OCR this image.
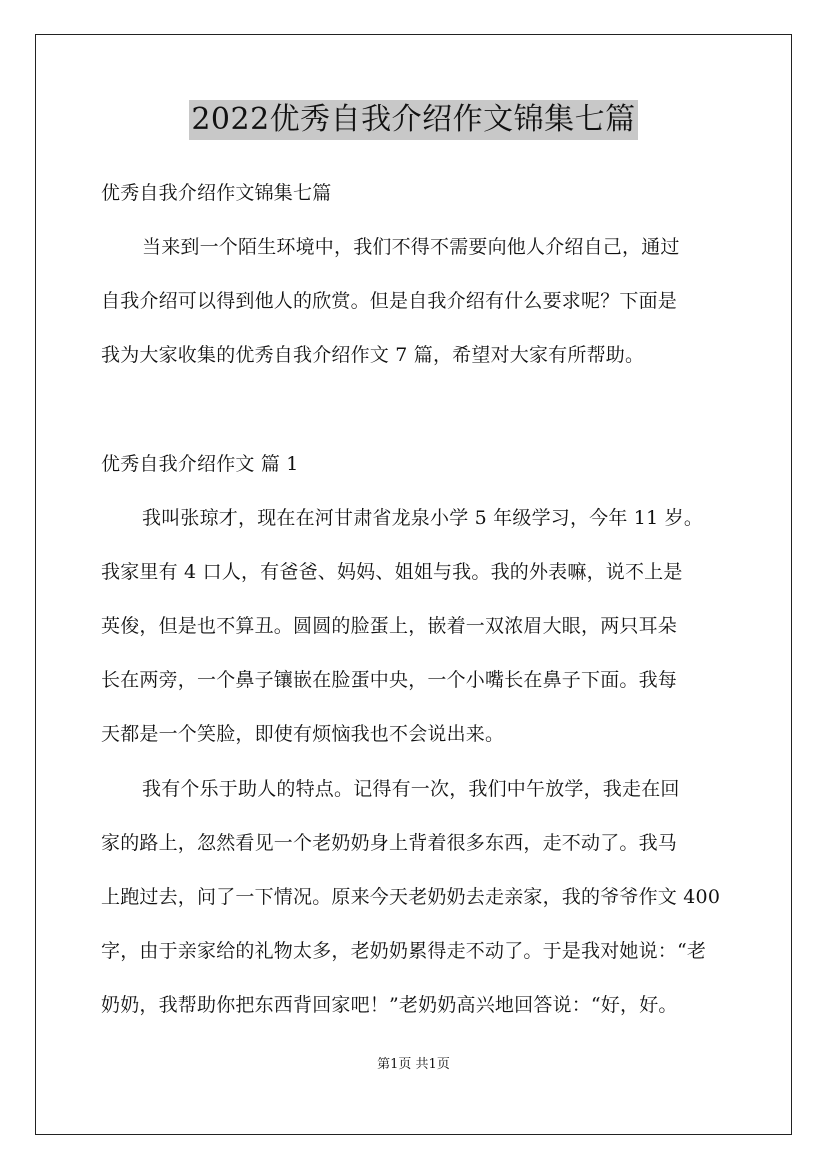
2022优秀自我介绍作文锦集七篇
优秀自我介绍作文锦集七篇
当来到一个陌生环境中，我们不得不需要向他人介绍自己，通过
自我介绍可以得到他人的欣赏。但是自我介绍有什么要求呢？下面是
我为大家收集的优秀自我介绍作文 7 篇，希望对大家有所帮助。
优秀自我介绍作文 篇 1
我叫张琼才，现在在河甘肃省龙泉小学 5 年级学习，今年 11 岁。
我家里有 4 口人，有爸爸、妈妈、姐姐与我。我的外表嘛，说不上是
英俊，但是也不算丑。圆圆的脸蛋上，嵌着一双浓眉大眼，两只耳朵
长在两旁，一个鼻子镶嵌在脸蛋中央，一个小嘴长在鼻子下面。我每
天都是一个笑脸，即使有烦恼我也不会说出来。
我有个乐于助人的特点。记得有一次，我们中午放学，我走在回
家的路上，忽然看见一个老奶奶身上背着很多东西，走不动了。我马
上跑过去，问了一下情况。原来今天老奶奶去走亲家，我的爷爷作文 400
字，由于亲家给的礼物太多，老奶奶累得走不动了。于是我对她说：“老
奶奶，我帮助你把东西背回家吧！”老奶奶高兴地回答说：“好，好。
第1页 共1页
